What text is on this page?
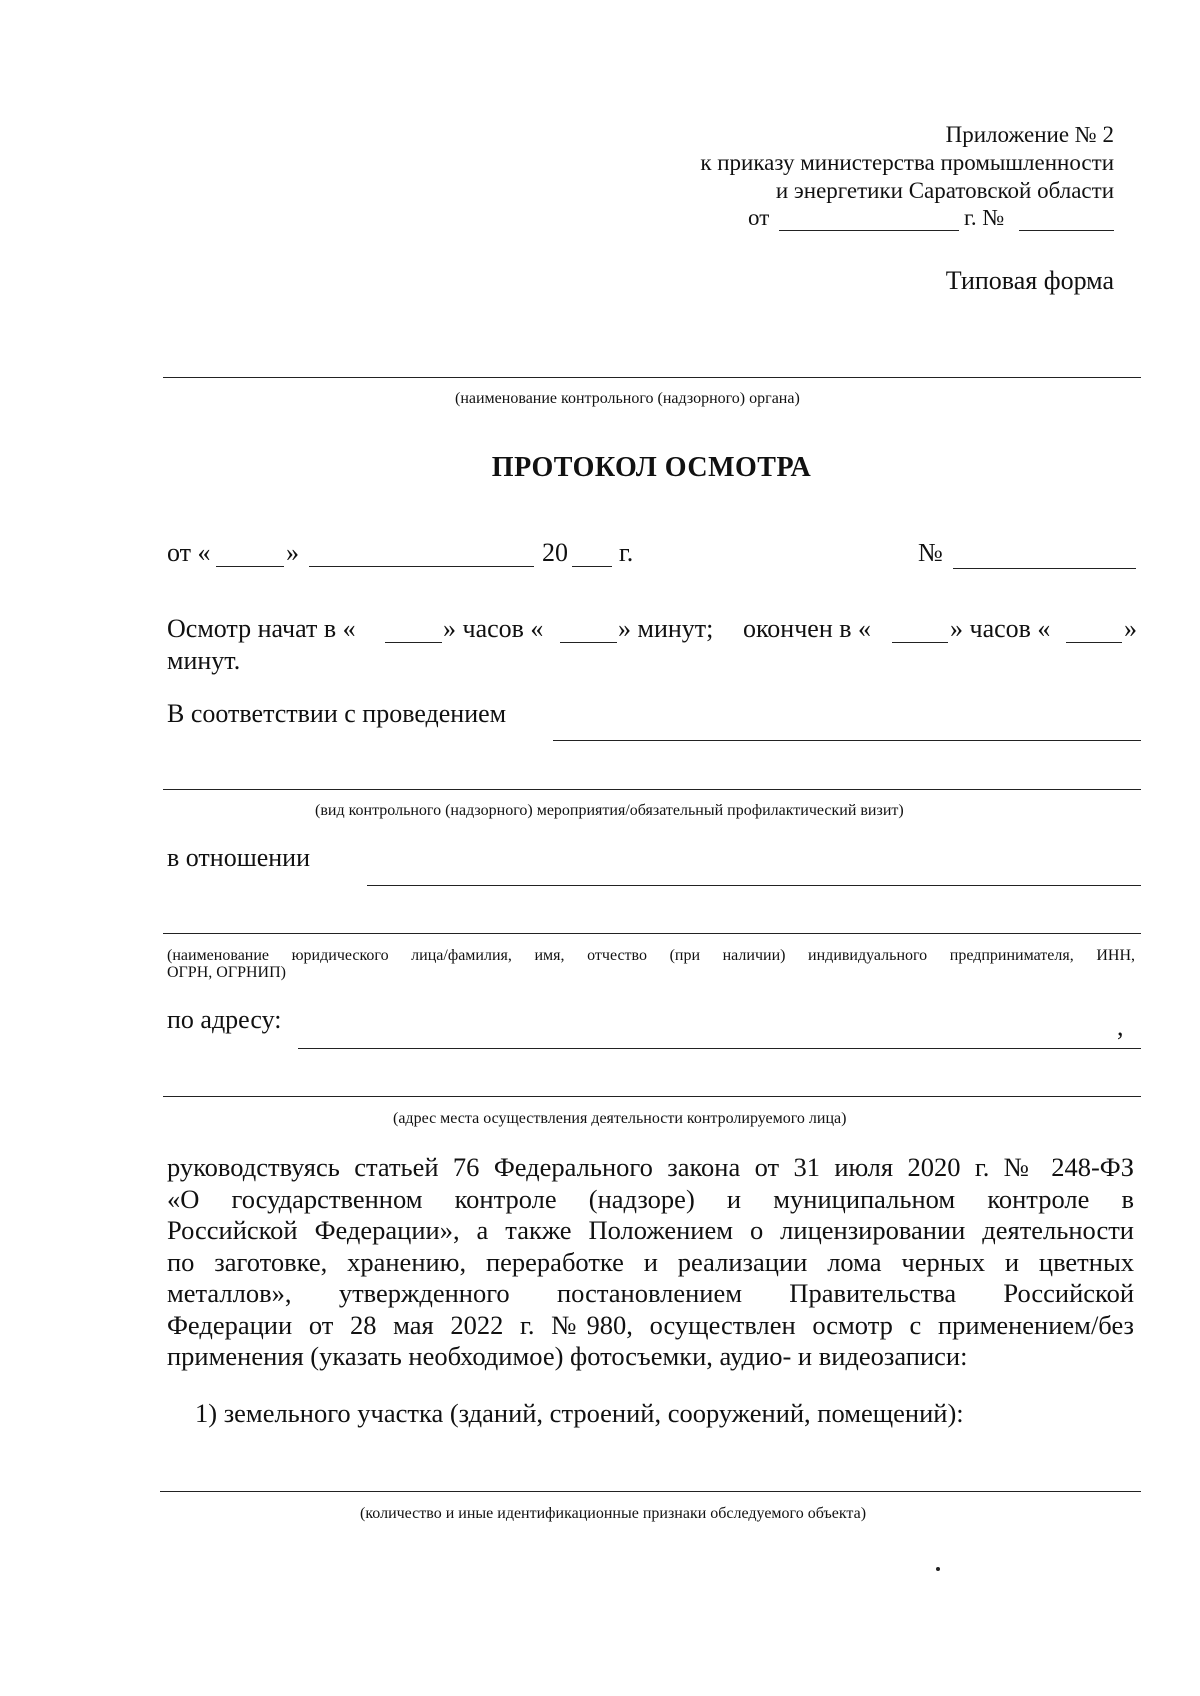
Приложение № 2
к приказу министерства промышленности
и энергетики Саратовской области
от	г. №
Типовая форма
(наименование контрольного (надзорного) органа)
ПРОТОКОЛ ОСМОТРА
от «	»	20 г.	№
Осмотр начат в «	» часов «	» минут; окончен в «	» часов «	»
минут.
В соответствии с проведением
(вид контрольного (надзорного) мероприятия/обязательный профилактический визит)
в отношении
(наименование юридического лица/фамилия, имя, отчество (при наличии) индивидуального предпринимателя, ИНН,
ОГРН, ОГРНИП)
по адресу:	,
(адрес места осуществления деятельности контролируемого лица)
руководствуясь статьей 76 Федерального закона от 31 июля 2020 г. № 248-ФЗ
«О государственном контроле (надзоре) и муниципальном контроле в
Российской Федерации», а также Положением о лицензировании деятельности
по заготовке, хранению, переработке и реализации лома черных и цветных
металлов», утвержденного постановлением Правительства Российской
Федерации от 28 мая 2022 г. №980, осуществлен осмотр с применением/без
применения (указать необходимое) фотосъемки, аудио- и видеозаписи:
1) земельного участка (зданий, строений, сооружений, помещений):
(количество и иные идентификационные признаки обследуемого объекта)
